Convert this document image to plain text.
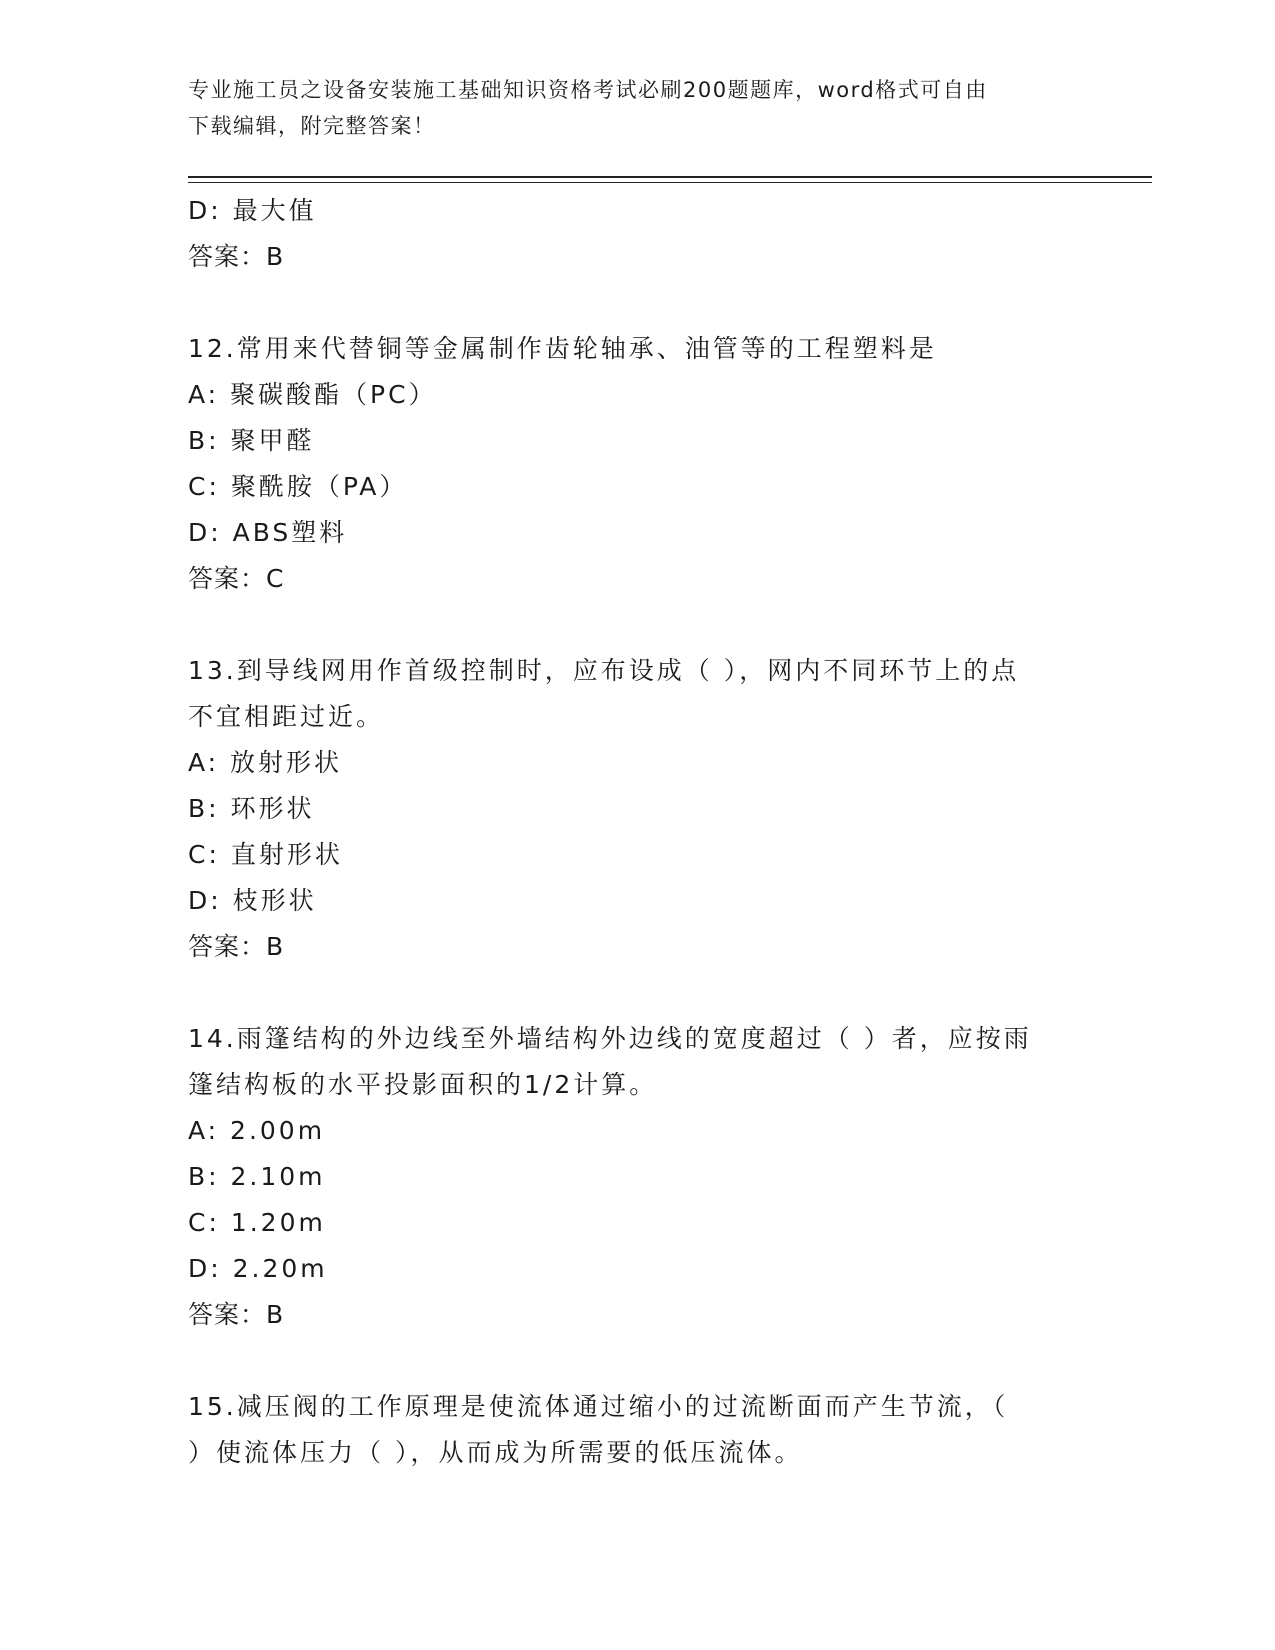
专业施工员之设备安装施工基础知识资格考试必刷200题题库，word格式可自由
下载编辑，附完整答案！
D: 最大值
答案：B
12.常用来代替铜等金属制作齿轮轴承、油管等的工程塑料是
A: 聚碳酸酯（PC）
B: 聚甲醛
C: 聚酰胺（PA）
D: ABS塑料
答案：C
13.到导线网用作首级控制时，应布设成（ ），网内不同环节上的点
不宜相距过近。
A: 放射形状
B: 环形状
C: 直射形状
D: 枝形状
答案：B
14.雨篷结构的外边线至外墙结构外边线的宽度超过（ ）者，应按雨
篷结构板的水平投影面积的1/2计算。
A: 2.00m
B: 2.10m
C: 1.20m
D: 2.20m
答案：B
15.减压阀的工作原理是使流体通过缩小的过流断面而产生节流，（
）使流体压力（ ），从而成为所需要的低压流体。
